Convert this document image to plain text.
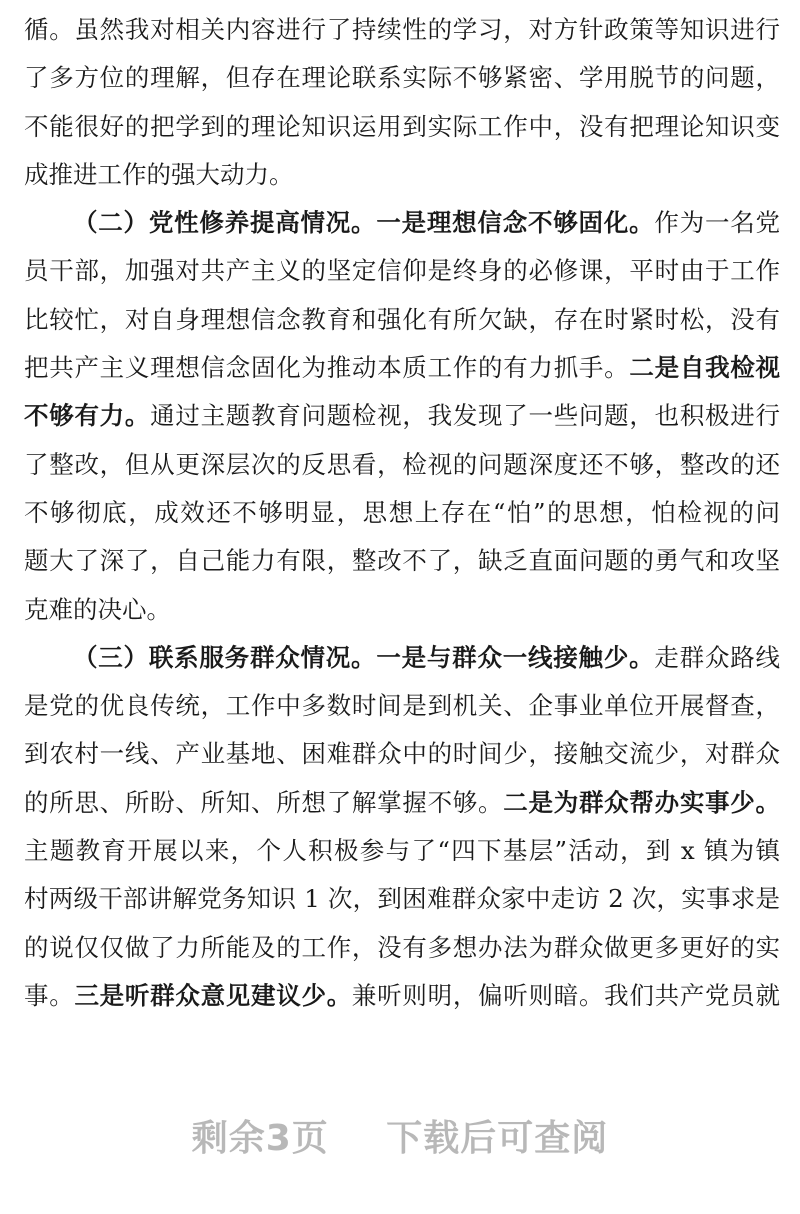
循。虽然我对相关内容进行了持续性的学习，对方针政策等知识进行
了多方位的理解，但存在理论联系实际不够紧密、学用脱节的问题，
不能很好的把学到的理论知识运用到实际工作中，没有把理论知识变
成推进工作的强大动力。
（二）党性修养提高情况。一是理想信念不够固化。作为一名党
员干部，加强对共产主义的坚定信仰是终身的必修课，平时由于工作
比较忙，对自身理想信念教育和强化有所欠缺，存在时紧时松，没有
把共产主义理想信念固化为推动本质工作的有力抓手。二是自我检视
不够有力。通过主题教育问题检视，我发现了一些问题，也积极进行
了整改，但从更深层次的反思看，检视的问题深度还不够，整改的还
不够彻底，成效还不够明显，思想上存在“怕”的思想，怕检视的问
题大了深了，自己能力有限，整改不了，缺乏直面问题的勇气和攻坚
克难的决心。
（三）联系服务群众情况。一是与群众一线接触少。走群众路线
是党的优良传统，工作中多数时间是到机关、企事业单位开展督查，
到农村一线、产业基地、困难群众中的时间少，接触交流少，对群众
的所思、所盼、所知、所想了解掌握不够。二是为群众帮办实事少。
主题教育开展以来，个人积极参与了“四下基层”活动，到 x 镇为镇
村两级干部讲解党务知识 1 次，到困难群众家中走访 2 次，实事求是
的说仅仅做了力所能及的工作，没有多想办法为群众做更多更好的实
事。三是听群众意见建议少。兼听则明，偏听则暗。我们共产党员就
剩余3页 下载后可查阅
